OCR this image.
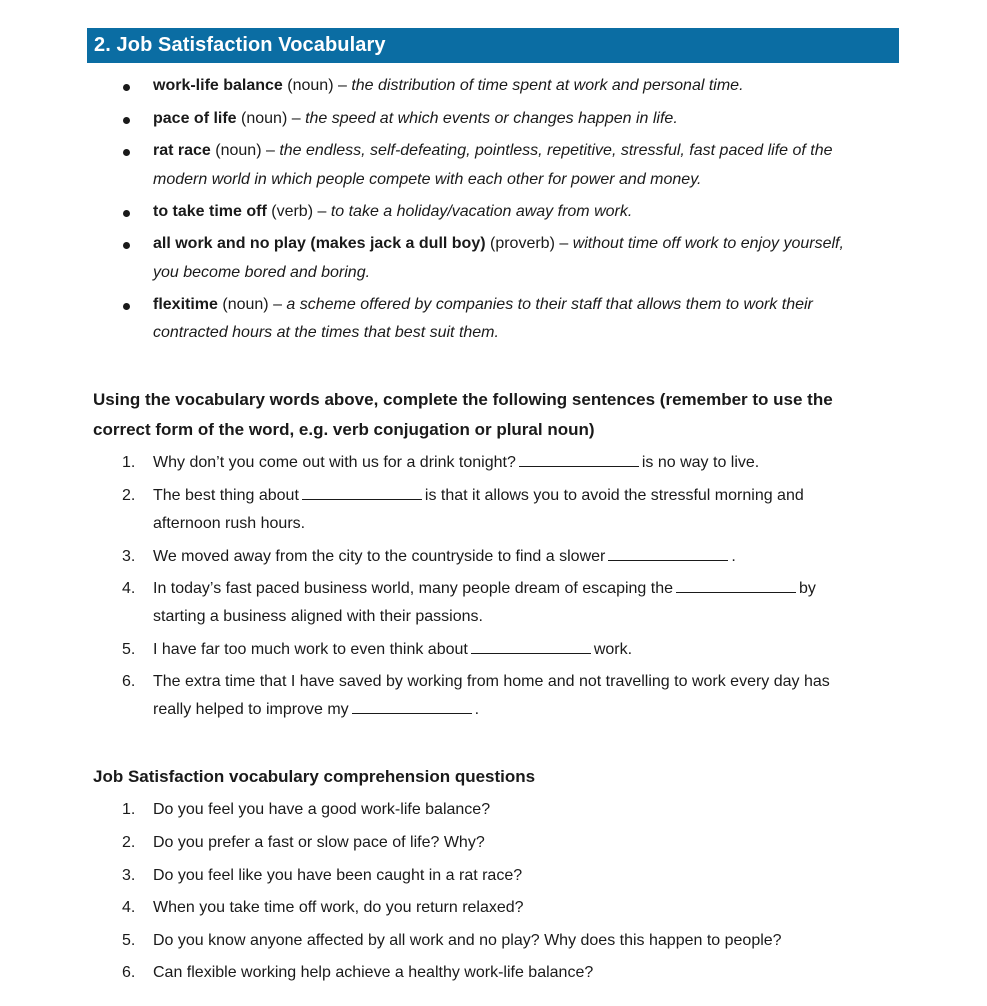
2. Job Satisfaction Vocabulary
work-life balance (noun) – the distribution of time spent at work and personal time.
pace of life (noun) – the speed at which events or changes happen in life.
rat race (noun) – the endless, self-defeating, pointless, repetitive, stressful, fast paced life of the
modern world in which people compete with each other for power and money.
to take time off (verb) – to take a holiday/vacation away from work.
all work and no play (makes jack a dull boy) (proverb) – without time off work to enjoy yourself,
you become bored and boring.
flexitime (noun) – a scheme offered by companies to their staff that allows them to work their
contracted hours at the times that best suit them.
Using the vocabulary words above, complete the following sentences (remember to use the
correct form of the word, e.g. verb conjugation or plural noun)
1. Why don’t you come out with us for a drink tonight?	is no way to live.
2. The best thing about	is that it allows you to avoid the stressful morning and
afternoon rush hours.
3. We moved away from the city to the countryside to find a slower	.
4. In today’s fast paced business world, many people dream of escaping the	by
starting a business aligned with their passions.
5. I have far too much work to even think about	work.
6. The extra time that I have saved by working from home and not travelling to work every day has
really helped to improve my	.
Job Satisfaction vocabulary comprehension questions
1. Do you feel you have a good work-life balance?
2. Do you prefer a fast or slow pace of life? Why?
3. Do you feel like you have been caught in a rat race?
4. When you take time off work, do you return relaxed?
5. Do you know anyone affected by all work and no play? Why does this happen to people?
6. Can flexible working help achieve a healthy work-life balance?
